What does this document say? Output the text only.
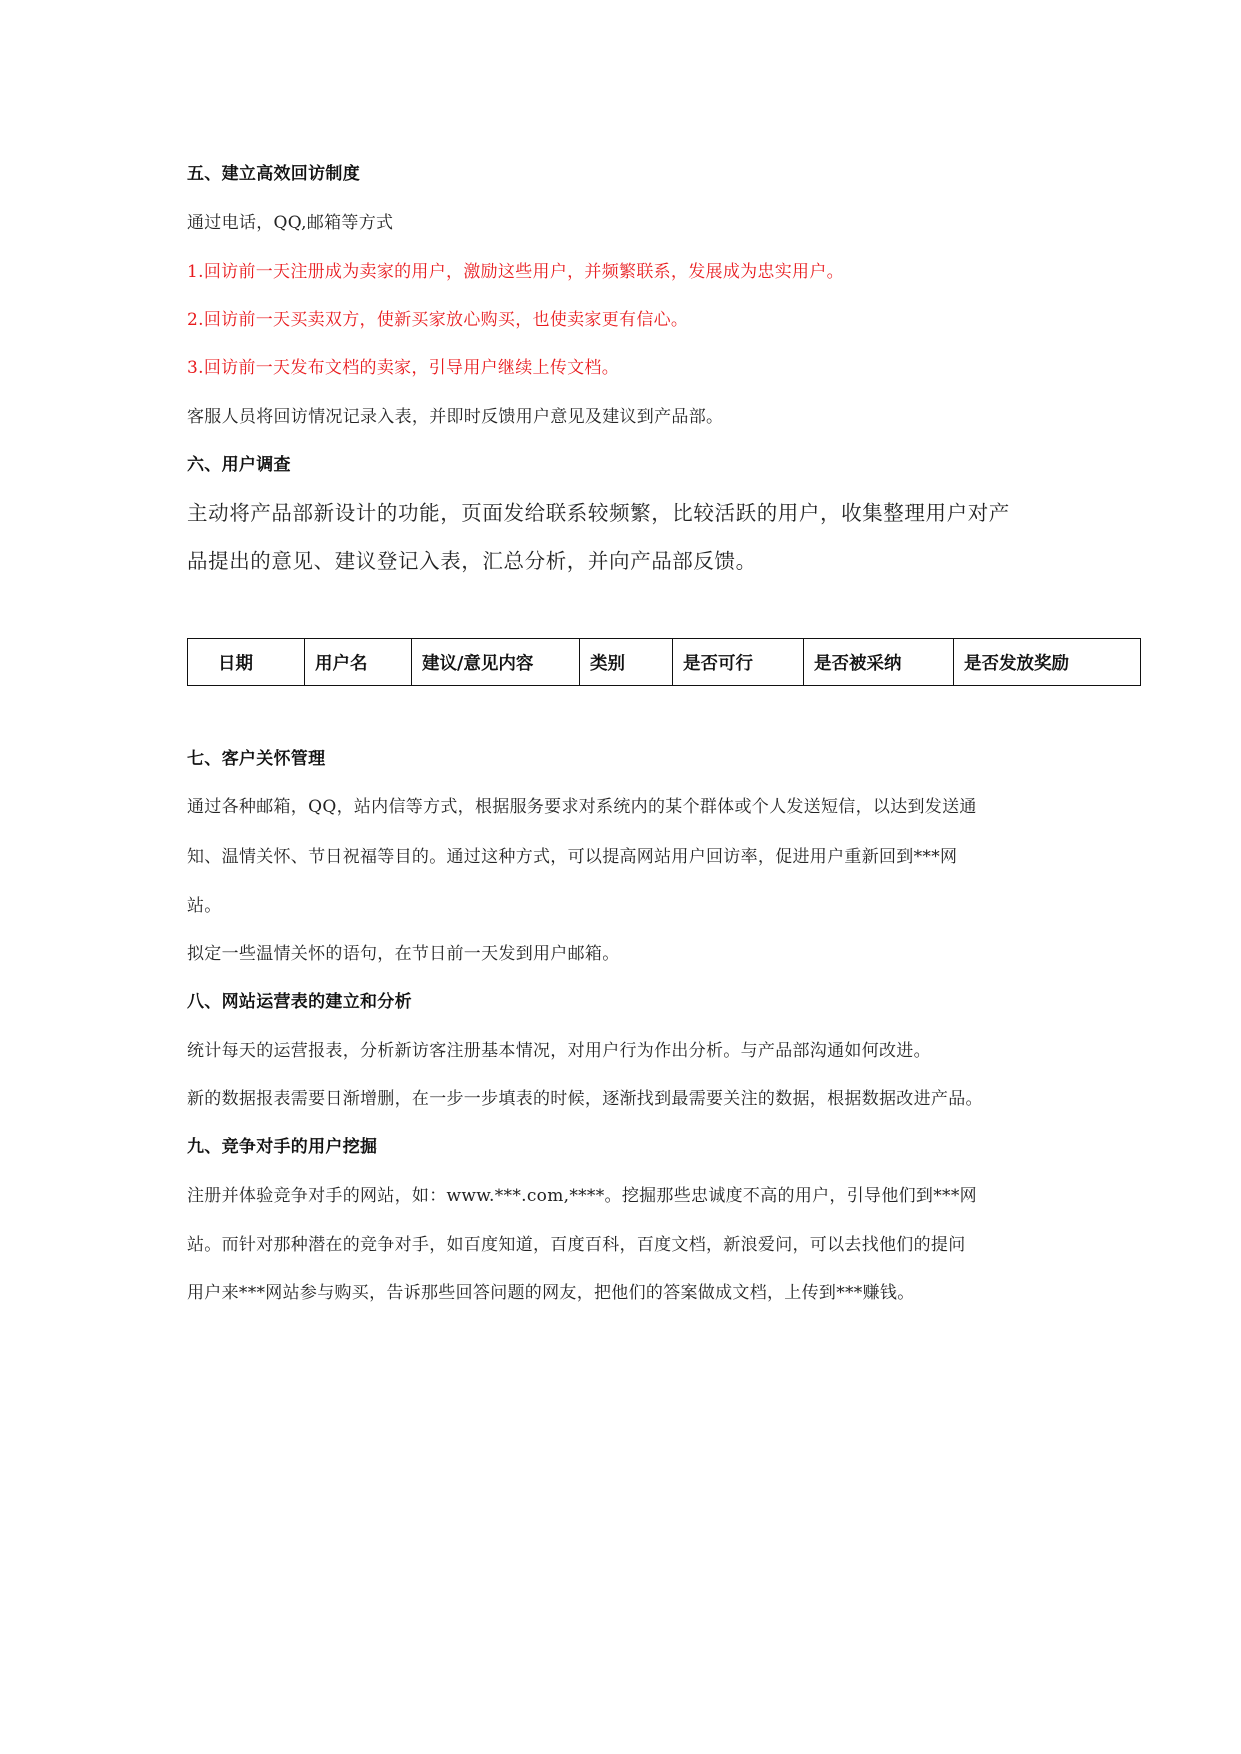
五、建立高效回访制度
通过电话，QQ,邮箱等方式
1.回访前一天注册成为卖家的用户，激励这些用户，并频繁联系，发展成为忠实用户。
2.回访前一天买卖双方，使新买家放心购买，也使卖家更有信心。
3.回访前一天发布文档的卖家，引导用户继续上传文档。
客服人员将回访情况记录入表，并即时反馈用户意见及建议到产品部。
六、用户调查
主动将产品部新设计的功能，页面发给联系较频繁，比较活跃的用户，收集整理用户对产
品提出的意见、建议登记入表，汇总分析，并向产品部反馈。
日期	用户名	建议/意见内容	类别	是否可行	是否被采纳	是否发放奖励
七、客户关怀管理
通过各种邮箱，QQ，站内信等方式，根据服务要求对系统内的某个群体或个人发送短信，以达到发送通
知、温情关怀、节日祝福等目的。通过这种方式，可以提高网站用户回访率，促进用户重新回到***网
站。
拟定一些温情关怀的语句，在节日前一天发到用户邮箱。
八、网站运营表的建立和分析
统计每天的运营报表，分析新访客注册基本情况，对用户行为作出分析。与产品部沟通如何改进。
新的数据报表需要日渐增删，在一步一步填表的时候，逐渐找到最需要关注的数据，根据数据改进产品。
九、竞争对手的用户挖掘
注册并体验竞争对手的网站，如：www.***.com,****。挖掘那些忠诚度不高的用户，引导他们到***网
站。而针对那种潜在的竞争对手，如百度知道，百度百科，百度文档，新浪爱问，可以去找他们的提问
用户来***网站参与购买，告诉那些回答问题的网友，把他们的答案做成文档，上传到***赚钱。
